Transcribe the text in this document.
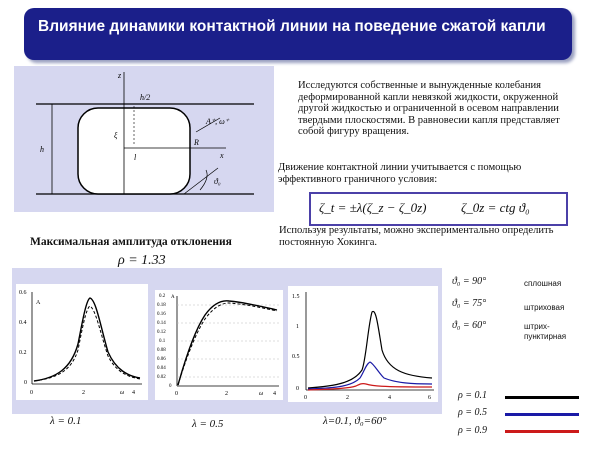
Влияние динамики контактной линии на поведение сжатой капли
z
h/2
h
ξ
l
R
x
A⁺, ω⁺
ϑ₀
Исследуются собственные и вынужденные колебания деформированной капли невязкой жидкости, окруженной другой жидкостью и ограниченной в осевом направлении твердыми плоскостями. В равновесии капля представляет собой фигуру вращения.
Движение контактной линии учитывается с помощью эффективного граничного условия:
ζ_t = ±λ(ζ_z − ζ_0z)	ζ_0z = ctg ϑ₀
Используя результаты, можно экспериментально определить постоянную Хокинга.
Максимальная амплитуда отклонения
ρ = 1.33
0.6
0.4
0.2
0
A
0	2	4
ω
A
0.2
0.18
0.16
0.14
0.12
0.1
0.08
0.06
0.04
0.02
0
0	2	4
ω
1.5
1
0.5
0
0	2	4	6
λ = 0.1	λ = 0.5	λ=0.1, ϑ₀=60°
ϑ₀ = 90°	сплошная
ϑ₀ = 75°	штриховая
ϑ₀ = 60°	штрих-пунктирная
ρ = 0.1
ρ = 0.5
ρ = 0.9
